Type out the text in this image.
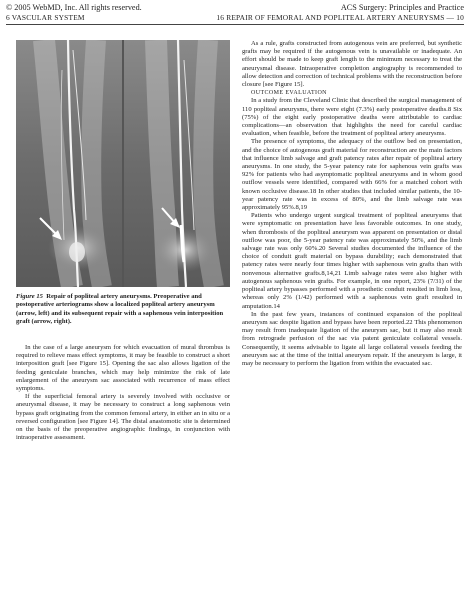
© 2005 WebMD, Inc. All rights reserved.
6 VASCULAR SYSTEM
ACS Surgery: Principles and Practice
16 REPAIR OF FEMORAL AND POPLITEAL ARTERY ANEURYSMS — 10
Figure 15 Repair of popliteal artery aneurysms. Preoperative and postoperative arteriograms show a localized popliteal artery aneurysm (arrow, left) and its subsequent repair with a saphenous vein interposition graft (arrow, right).

In the case of a large aneurysm for which evacuation of mural thrombus is required to relieve mass effect symptoms, it may be feasible to construct a short interposition graft [see Figure 15]. Opening the sac also allows ligation of the feeding geniculate branches, which may help minimize the risk of late enlargement of the aneurysm sac associated with recurrence of mass effect symptoms.

If the superficial femoral artery is severely involved with occlusive or aneurysmal disease, it may be necessary to construct a long saphenous vein bypass graft originating from the common femoral artery, in either an in situ or a reversed configuration [see Figure 14]. The distal anastomotic site is determined on the basis of the preoperative angiographic findings, in conjunction with intraoperative assessment.

As a rule, grafts constructed from autogenous vein are preferred, but synthetic grafts may be required if the autogenous vein is unavailable or inadequate. An effort should be made to keep graft length to the minimum necessary to treat the aneurysmal disease. Intraoperative completion angiography is recommended to allow detection and correction of technical problems with the reconstruction before closure [see Figure 15].

OUTCOME EVALUATION

In a study from the Cleveland Clinic that described the surgical management of 110 popliteal aneurysms, there were eight (7.3%) early postoperative deaths.8 Six (75%) of the eight early postoperative deaths were attributable to cardiac complications—an observation that highlights the need for careful cardiac evaluation, when feasible, before the treatment of popliteal artery aneurysms.

The presence of symptoms, the adequacy of the outflow bed on presentation, and the choice of autogenous graft material for reconstruction are the main factors that influence limb salvage and graft patency rates after repair of popliteal artery aneurysms. In one study, the 5-year patency rate for saphenous vein grafts was 92% for patients who had asymptomatic popliteal aneurysms and in whom good outflow vessels were identified, compared with 66% for a matched cohort with known occlusive disease.18 In other studies that included similar patients, the 10-year patency rate was in excess of 80%, and the limb salvage rate was approximately 95%.8,19

Patients who undergo urgent surgical treatment of popliteal aneurysms that were symptomatic on presentation have less favorable outcomes. In one study, when thrombosis of the popliteal aneurysm was apparent on presentation or distal outflow was poor, the 5-year patency rate was approximately 50%, and the limb salvage rate was only 60%.20 Several studies documented the influence of the choice of conduit graft material on bypass durability; each demonstrated that patency rates were nearly four times higher with saphenous vein grafts than with nonvenous alternative grafts.8,14,21 Limb salvage rates were also higher with autogenous saphenous vein grafts. For example, in one report, 23% (7/31) of the popliteal artery bypasses performed with a prosthetic conduit resulted in limb loss, whereas only 2% (1/42) performed with a saphenous vein graft resulted in amputation.14

In the past few years, instances of continued expansion of the popliteal aneurysm sac despite ligation and bypass have been reported.22 This phenomenon may result from inadequate ligation of the aneurysm sac, but it may also result from retrograde perfusion of the sac via patent geniculate collateral vessels. Consequently, it seems advisable to ligate all large collateral vessels feeding the aneurysm sac at the time of the initial aneurysm repair. If the aneurysm is large, it may be necessary to perform the ligation from within the evacuated sac.
